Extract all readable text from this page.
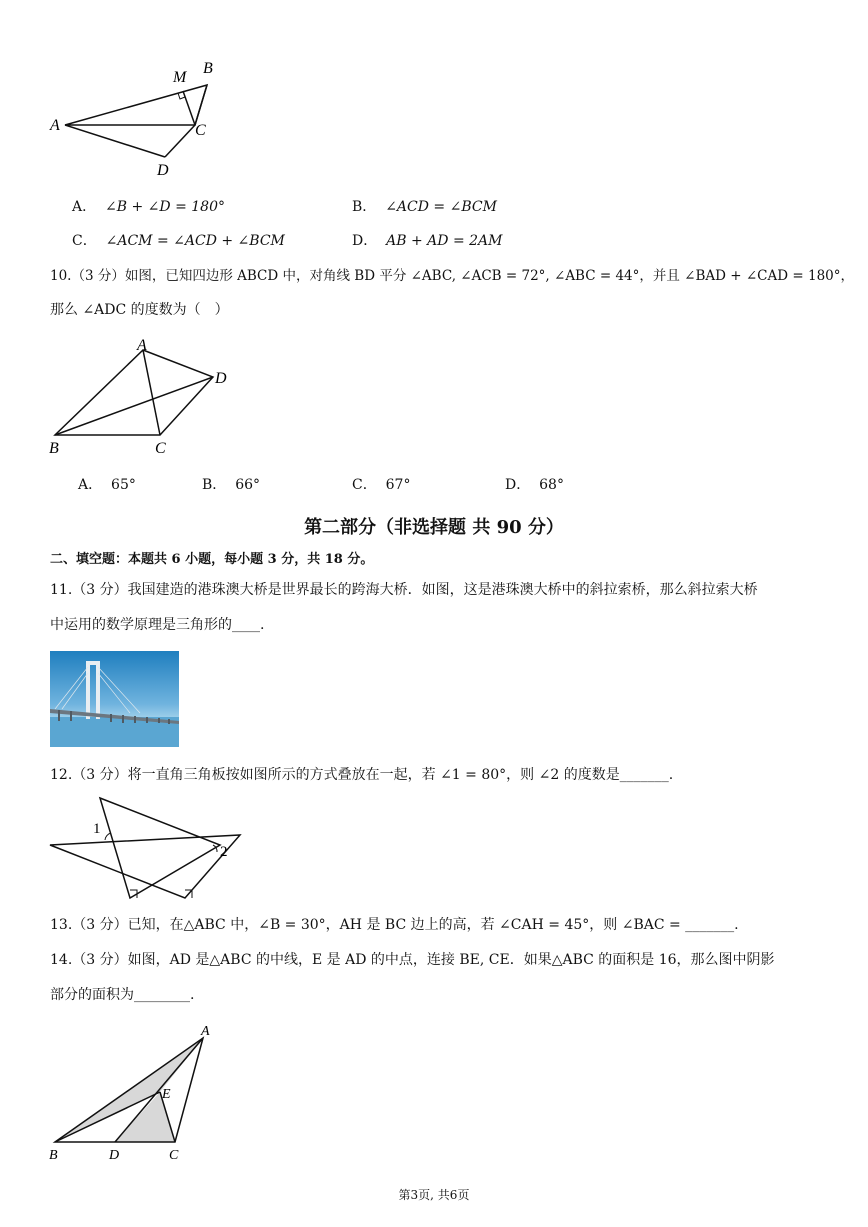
A
B
C
D
M
A． ∠B + ∠D = 180°	B． ∠ACD = ∠BCM
C． ∠ACM = ∠ACD + ∠BCM	D． AB + AD = 2AM
10.（3 分）如图，已知四边形 ABCD 中，对角线 BD 平分 ∠ABC, ∠ACB = 72°, ∠ABC = 44°，并且 ∠BAD + ∠CAD = 180°，
那么 ∠ADC 的度数为（　）
A
B	C
D
A． 65°	B． 66°	C． 67°	D． 68°
第二部分（非选择题 共 90 分）
二、填空题：本题共 6 小题，每小题 3 分，共 18 分。
11.（3 分）我国建造的港珠澳大桥是世界最长的跨海大桥．如图，这是港珠澳大桥中的斜拉索桥，那么斜拉索大桥
中运用的数学原理是三角形的____.
12.（3 分）将一直角三角板按如图所示的方式叠放在一起，若 ∠1 = 80°，则 ∠2 的度数是_______.
1
2
13.（3 分）已知，在△ABC 中，∠B = 30°，AH 是 BC 边上的高，若 ∠CAH = 45°，则 ∠BAC = _______.
14.（3 分）如图，AD 是△ABC 的中线，E 是 AD 的中点，连接 BE, CE．如果△ABC 的面积是 16，那么图中阴影
部分的面积为________.
A
B	D	C
E
第3页, 共6页
